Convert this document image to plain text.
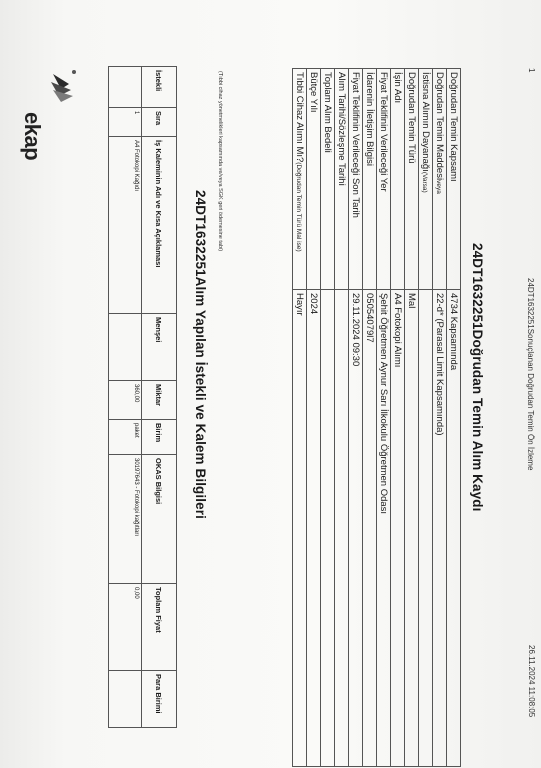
1
24DT1632251Sonuçlanan Doğrudan Temin Ön İzleme
26.11.2024 11:08:05
ekap
24DT1632251Doğrudan Temin Alım Kaydı
Doğrudan Temin Kapsamı	4734 Kapsamında
Doğrudan Temin Maddesiveya	22-d* (Parasal Limit Kapsamında)
İstisna Alımın Dayanağı(Varsa)	
Doğrudan Temin Türü	Mal
İşin Adı	A4 Fotokopi Alımı
Fiyat Teklifinin Verileceği Yer	Şehit Öğretmen Aynur Sarı İlkokulu Öğretmen Odası
İdarenin İletişim Bilgisi	05054079l7
Fiyat Teklifinin Verileceği Son Tarih	29.11.2024 09:30
Alım Tarihi/Sözleşme Tarihi	
Toplam Alım Bedeli	
Bütçe Yılı	2024
Tıbbi Cihaz Alımı Mı?(Doğrudan Temin Türü Mal ise)	Hayır
(Tıbbi cihaz yönetmelikleri kapsamında ve/veya SGK geri ödemesine tabi)
24DT1632251Alım Yapılan İstekli ve Kalem Bilgileri
İstekli	Sıra	İş Kaleminin Adı ve Kısa Açıklaması	Menşei	Miktar	Birim	OKAS Bilgisi	Toplam Fiyat	Para Birimi
	1	A4 Fotokopi Kağıdı		360,00	paket	30197643 - Fotokopi kağıtları	0,00	
